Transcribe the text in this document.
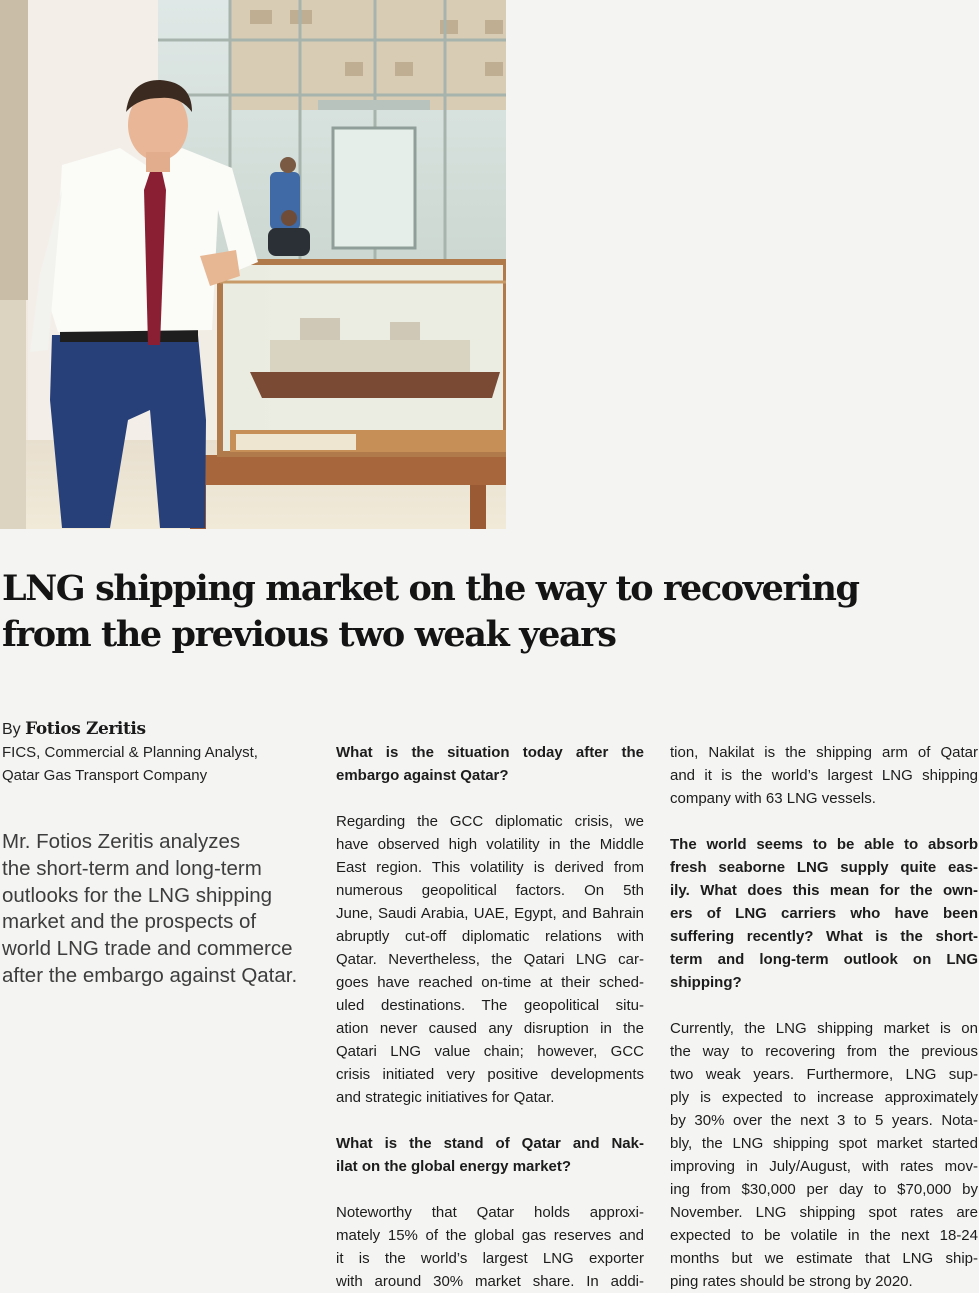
LNG shipping market on the way to recovering
from the previous two weak years
By Fotios Zeritis
FICS, Commercial & Planning Analyst,
Qatar Gas Transport Company
Mr. Fotios Zeritis analyzes
the short-term and long-term
outlooks for the LNG shipping
market and the prospects of
world LNG trade and commerce
after the embargo against Qatar.
What is the situation today after the
embargo against Qatar?
Regarding the GCC diplomatic crisis, we
have observed high volatility in the Middle
East region. This volatility is derived from
numerous geopolitical factors. On 5th
June, Saudi Arabia, UAE, Egypt, and Bahrain
abruptly cut-off diplomatic relations with
Qatar. Nevertheless, the Qatari LNG car-
goes have reached on-time at their sched-
uled destinations. The geopolitical situ-
ation never caused any disruption in the
Qatari LNG value chain; however, GCC
crisis initiated very positive developments
and strategic initiatives for Qatar.
What is the stand of Qatar and Nak-
ilat on the global energy market?
Noteworthy that Qatar holds approxi-
mately 15% of the global gas reserves and
it is the world’s largest LNG exporter
with around 30% market share. In addi-
tion, Nakilat is the shipping arm of Qatar
and it is the world’s largest LNG shipping
company with 63 LNG vessels.
The world seems to be able to absorb
fresh seaborne LNG supply quite eas-
ily. What does this mean for the own-
ers of LNG carriers who have been
suffering recently? What is the short-
term and long-term outlook on LNG
shipping?
Currently, the LNG shipping market is on
the way to recovering from the previous
two weak years. Furthermore, LNG sup-
ply is expected to increase approximately
by 30% over the next 3 to 5 years. Nota-
bly, the LNG shipping spot market started
improving in July/August, with rates mov-
ing from $30,000 per day to $70,000 by
November. LNG shipping spot rates are
expected to be volatile in the next 18-24
months but we estimate that LNG ship-
ping rates should be strong by 2020.
